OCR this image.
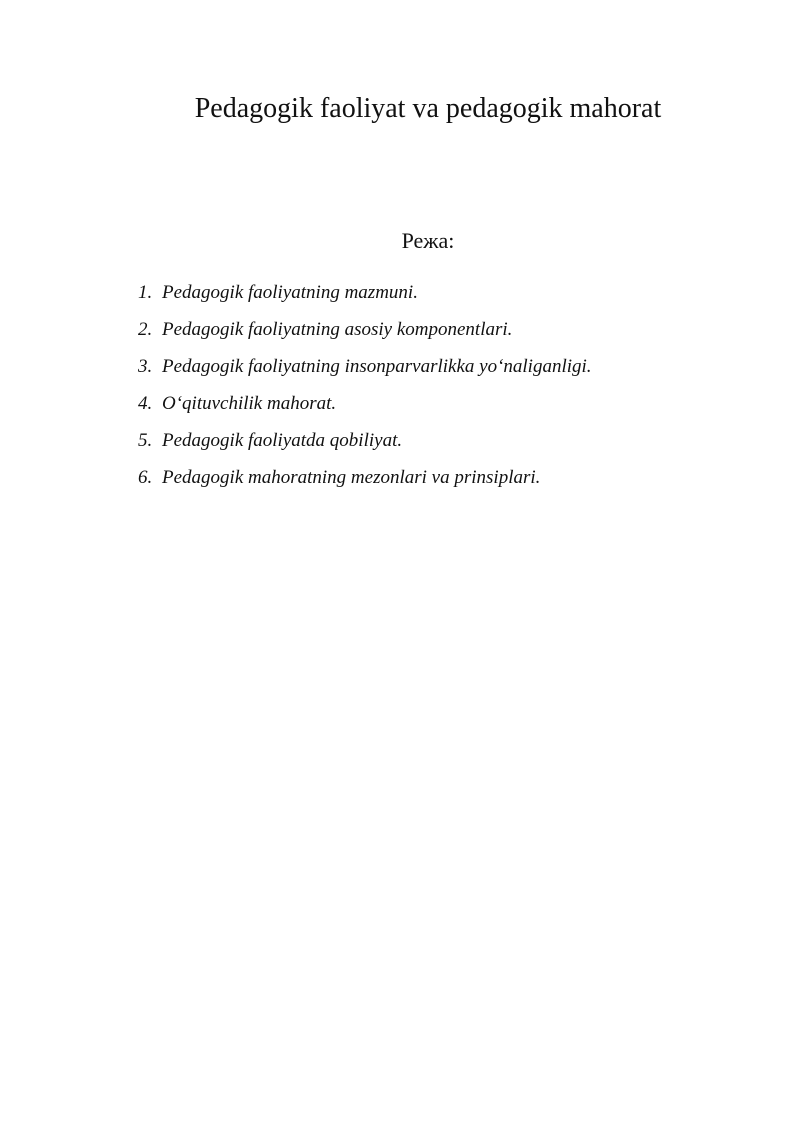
Pedagogik faoliyat va pedagogik mahorat
Режа:
1. Pedagogik faoliyatning mazmuni.
2. Pedagogik faoliyatning asosiy komponentlari.
3. Pedagogik faoliyatning insonparvarlikka yo‘naliganligi.
4. O‘qituvchilik mahorat.
5. Pedagogik faoliyatda qobiliyat.
6. Pedagogik mahoratning mezonlari va prinsiplari.
